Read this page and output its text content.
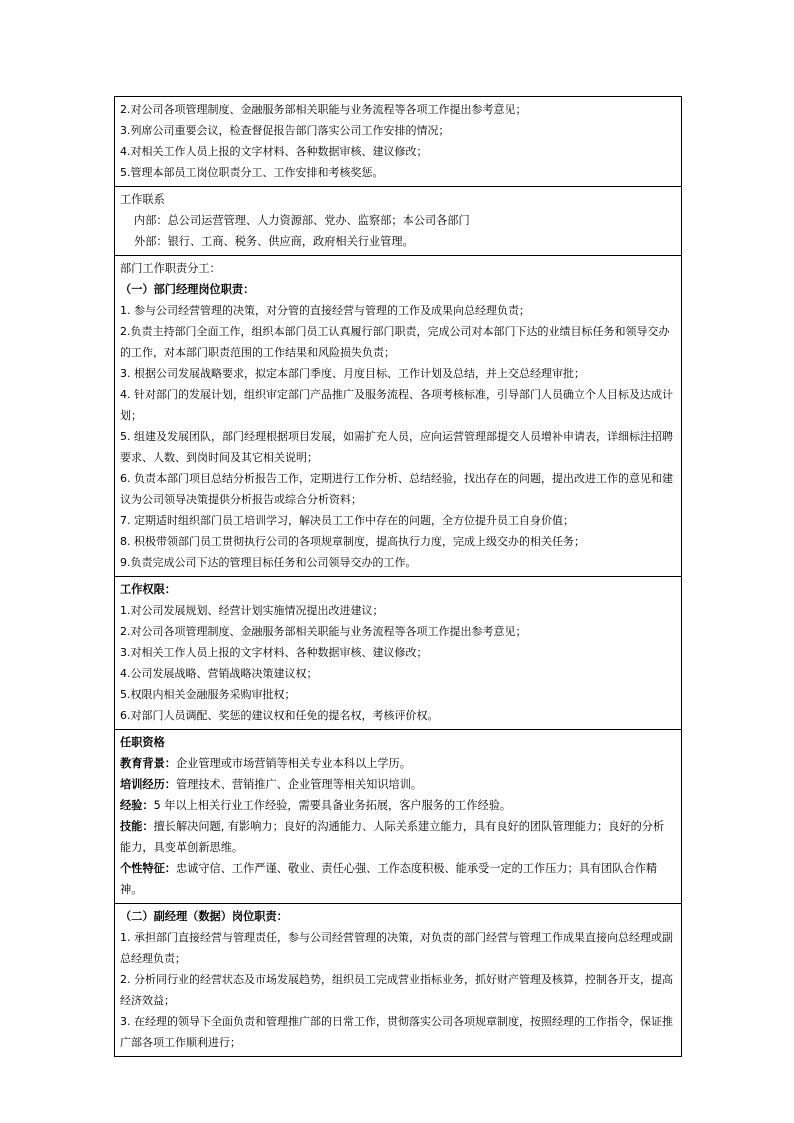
2.对公司各项管理制度、金融服务部相关职能与业务流程等各项工作提出参考意见；
3.列席公司重要会议，检查督促报告部门落实公司工作安排的情况；
4.对相关工作人员上报的文字材料、各种数据审核、建议修改；
5.管理本部员工岗位职责分工、工作安排和考核奖惩。
工作联系
内部：总公司运营管理、人力资源部、党办、监察部；本公司各部门
外部：银行、工商、税务、供应商，政府相关行业管理。
部门工作职责分工：
（一）部门经理岗位职责：
1. 参与公司经营管理的决策，对分管的直接经营与管理的工作及成果向总经理负责；
2.负责主持部门全面工作，组织本部门员工认真履行部门职责，完成公司对本部门下达的业绩目标任务和领导交办的工作，对本部门职责范围的工作结果和风险损失负责；
3. 根据公司发展战略要求，拟定本部门季度、月度目标、工作计划及总结，并上交总经理审批；
4. 针对部门的发展计划，组织审定部门产品推广及服务流程、各项考核标准，引导部门人员确立个人目标及达成计划；
5. 组建及发展团队，部门经理根据项目发展，如需扩充人员，应向运营管理部提交人员增补申请表，详细标注招聘要求、人数、到岗时间及其它相关说明；
6. 负责本部门项目总结分析报告工作，定期进行工作分析、总结经验，找出存在的问题，提出改进工作的意见和建议为公司领导决策提供分析报告或综合分析资料；
7. 定期适时组织部门员工培训学习，解决员工工作中存在的问题，全方位提升员工自身价值；
8. 积极带领部门员工贯彻执行公司的各项规章制度，提高执行力度，完成上级交办的相关任务；
9.负责完成公司下达的管理目标任务和公司领导交办的工作。
工作权限：
1.对公司发展规划、经营计划实施情况提出改进建议；
2.对公司各项管理制度、金融服务部相关职能与业务流程等各项工作提出参考意见；
3.对相关工作人员上报的文字材料、各种数据审核、建议修改；
4.公司发展战略、营销战略决策建议权；
5.权限内相关金融服务采购审批权；
6.对部门人员调配、奖惩的建议权和任免的提名权，考核评价权。
任职资格
教育背景：企业管理或市场营销等相关专业本科以上学历。
培训经历：管理技术、营销推广、企业管理等相关知识培训。
经验：5 年以上相关行业工作经验，需要具备业务拓展，客户服务的工作经验。
技能：擅长解决问题, 有影响力；良好的沟通能力、人际关系建立能力，具有良好的团队管理能力；良好的分析能力，具变革创新思维。
个性特征：忠诚守信、工作严谨、敬业、责任心强、工作态度积极、能承受一定的工作压力；具有团队合作精神。
（二）副经理（数据）岗位职责：
1. 承担部门直接经营与管理责任，参与公司经营管理的决策，对负责的部门经营与管理工作成果直接向总经理或副总经理负责；
2. 分析同行业的经营状态及市场发展趋势，组织员工完成营业指标业务，抓好财产管理及核算，控制各开支，提高经济效益；
3. 在经理的领导下全面负责和管理推广部的日常工作，贯彻落实公司各项规章制度，按照经理的工作指令，保证推广部各项工作顺利进行；
